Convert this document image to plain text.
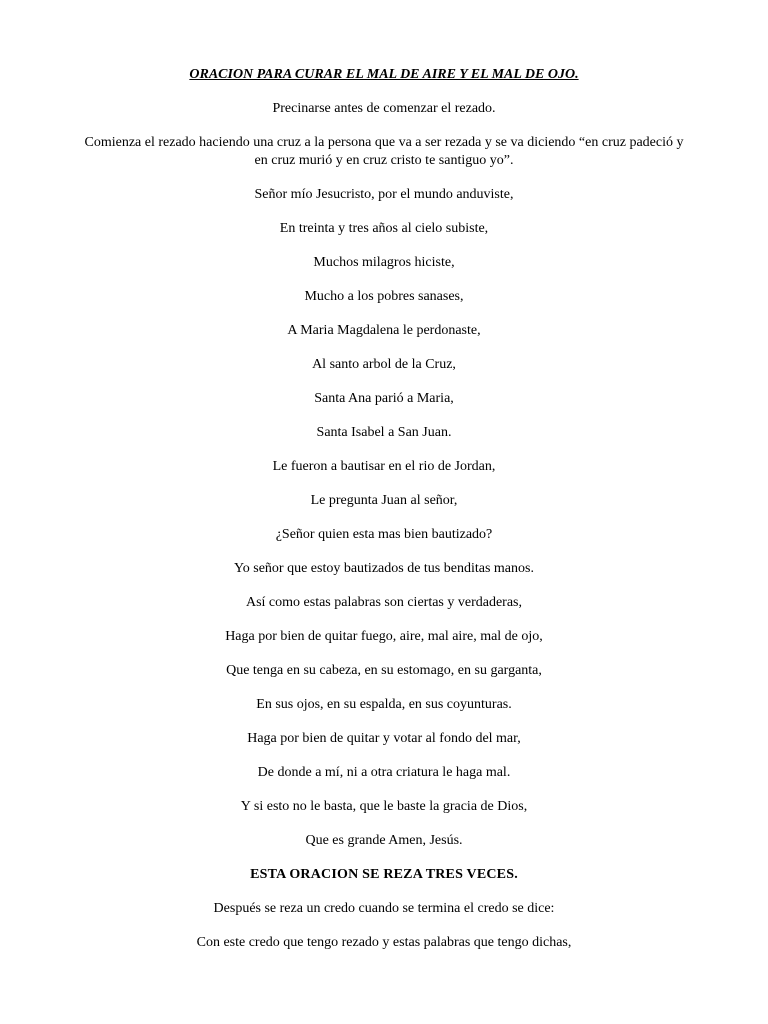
ORACION PARA CURAR EL MAL DE AIRE Y EL MAL DE OJO.

Precinarse antes de comenzar el rezado.

Comienza el rezado haciendo una cruz a la persona que va a ser rezada y se va diciendo “en cruz padeció y en cruz murió y en cruz cristo te santiguo yo”.

Señor mío Jesucristo, por el mundo anduviste,

En treinta y tres años al cielo subiste,

Muchos milagros hiciste,

Mucho a los pobres sanases,

A Maria Magdalena le perdonaste,

Al santo arbol de la Cruz,

Santa Ana parió a Maria,

Santa Isabel a San Juan.

Le fueron a bautisar en el rio de Jordan,

Le pregunta Juan al señor,

¿Señor quien esta mas bien bautizado?

Yo señor que estoy bautizados de tus benditas manos.

Así como estas palabras son ciertas y verdaderas,

Haga por bien de quitar fuego, aire, mal aire, mal de ojo,

Que tenga en su cabeza, en su estomago, en su garganta,

En sus ojos, en su espalda, en sus coyunturas.

Haga por bien de quitar y votar al fondo del mar,

De donde a mí, ni a otra criatura le haga mal.

Y si esto no le basta, que le baste la gracia de Dios,

Que es grande Amen, Jesús.

ESTA ORACION SE REZA TRES VECES.

Después se reza un credo cuando se termina el credo se dice:

Con este credo que tengo rezado y estas palabras que tengo dichas,
